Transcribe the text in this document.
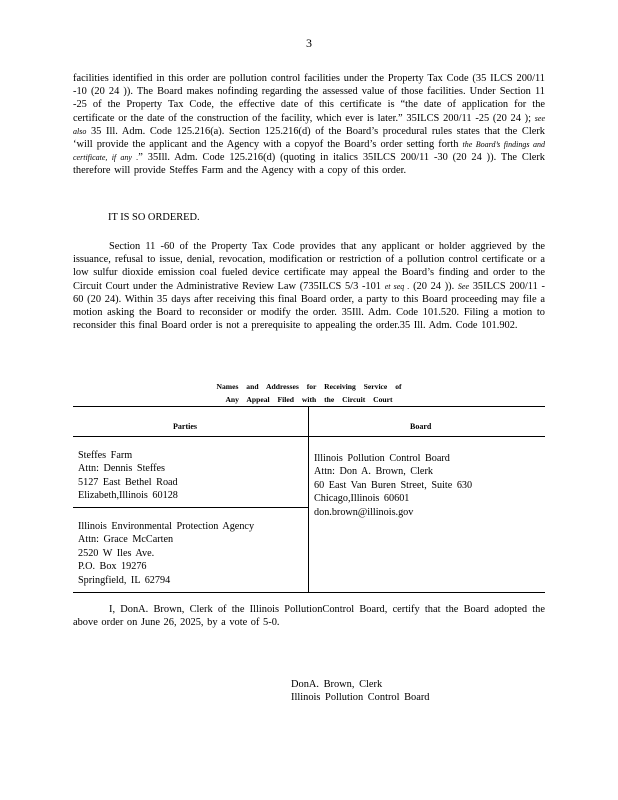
3
facilities identified in this order are pollution control facilities under the Property Tax Code (35 ILCS 200/11 -10 (20 24 )). The Board makes nofinding regarding the assessed value of those facilities. Under Section 11 -25 of the Property Tax Code, the effective date of this certificate is “the date of application for the certificate or the date of the construction of the facility, which ever is later.” 35ILCS 200/11 -25 (20 24 ); see also 35 Ill. Adm. Code 125.216(a). Section 125.216(d) of the Board’s procedural rules states that the Clerk ‘will provide the applicant and the Agency with a copyof the Board’s order setting forth the Board’s findings and certificate, if any .” 35Ill. Adm. Code 125.216(d) (quoting in italics 35ILCS 200/11 -30 (20 24 )). The Clerk therefore will provide Steffes Farm and the Agency with a copy of this order.
IT IS SO ORDERED.
Section 11 -60 of the Property Tax Code provides that any applicant or holder aggrieved by the issuance, refusal to issue, denial, revocation, modification or restriction of a pollution control certificate or a low sulfur dioxide emission coal fueled device certificate may appeal the Board’s finding and order to the Circuit Court under the Administrative Review Law (735ILCS 5/3 -101 et seq . (20 24 )). See 35ILCS 200/11 - 60 (20 24). Within 35 days after receiving this final Board order, a party to this Board proceeding may file a motion asking the Board to reconsider or modify the order. 35Ill. Adm. Code 101.520. Filing a motion to reconsider this final Board order is not a prerequisite to appealing the order.35 Ill. Adm. Code 101.902.
Names and Addresses for Receiving Service of
Any Appeal Filed with the Circuit Court
Parties	Board
Steffes Farm
Attn: Dennis Steffes
5127 East Bethel Road
Elizabeth,Illinois 60128
Illinois Environmental Protection Agency
Attn: Grace McCarten
2520 W Iles Ave.
P.O. Box 19276
Springfield, IL 62794
Illinois Pollution Control Board
Attn: Don A. Brown, Clerk
60 East Van Buren Street, Suite 630
Chicago,Illinois 60601
don.brown@illinois.gov
I, DonA. Brown, Clerk of the Illinois PollutionControl Board, certify that the Board adopted the above order on June 26, 2025, by a vote of 5-0.
DonA. Brown, Clerk
Illinois Pollution Control Board
